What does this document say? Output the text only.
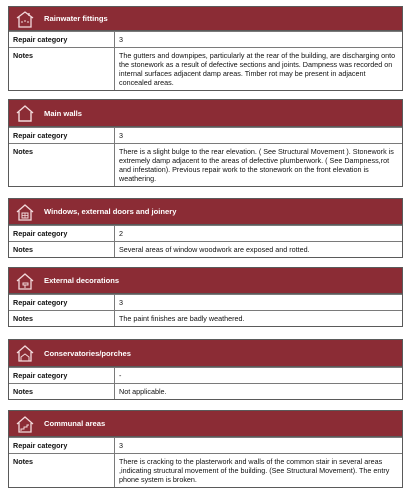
Rainwater fittings
Repair category	3
Notes	The gutters and downpipes, particularly at the rear of the building, are discharging onto the stonework as a result of defective sections and joints. Dampness was recorded on internal surfaces adjacent damp areas. Timber rot may be present in adjacent concealed areas.
Main walls
Repair category	3
Notes	There is a slight bulge to the rear elevation. ( See Structural Movement ). Stonework is extremely damp adjacent to the areas of defective plumberwork. ( See Dampness,rot and infestation). Previous repair work to the stonework on the front elevation is weathering.
Windows, external doors and joinery
Repair category	2
Notes	Several areas of window woodwork are exposed and rotted.
External decorations
Repair category	3
Notes	The paint finishes are badly weathered.
Conservatories/porches
Repair category	-
Notes	Not applicable.
Communal areas
Repair category	3
Notes	There is cracking to the plasterwork and walls of the common stair in several areas ,indicating structural movement of the building. (See Structural Movement). The entry phone system is broken.
